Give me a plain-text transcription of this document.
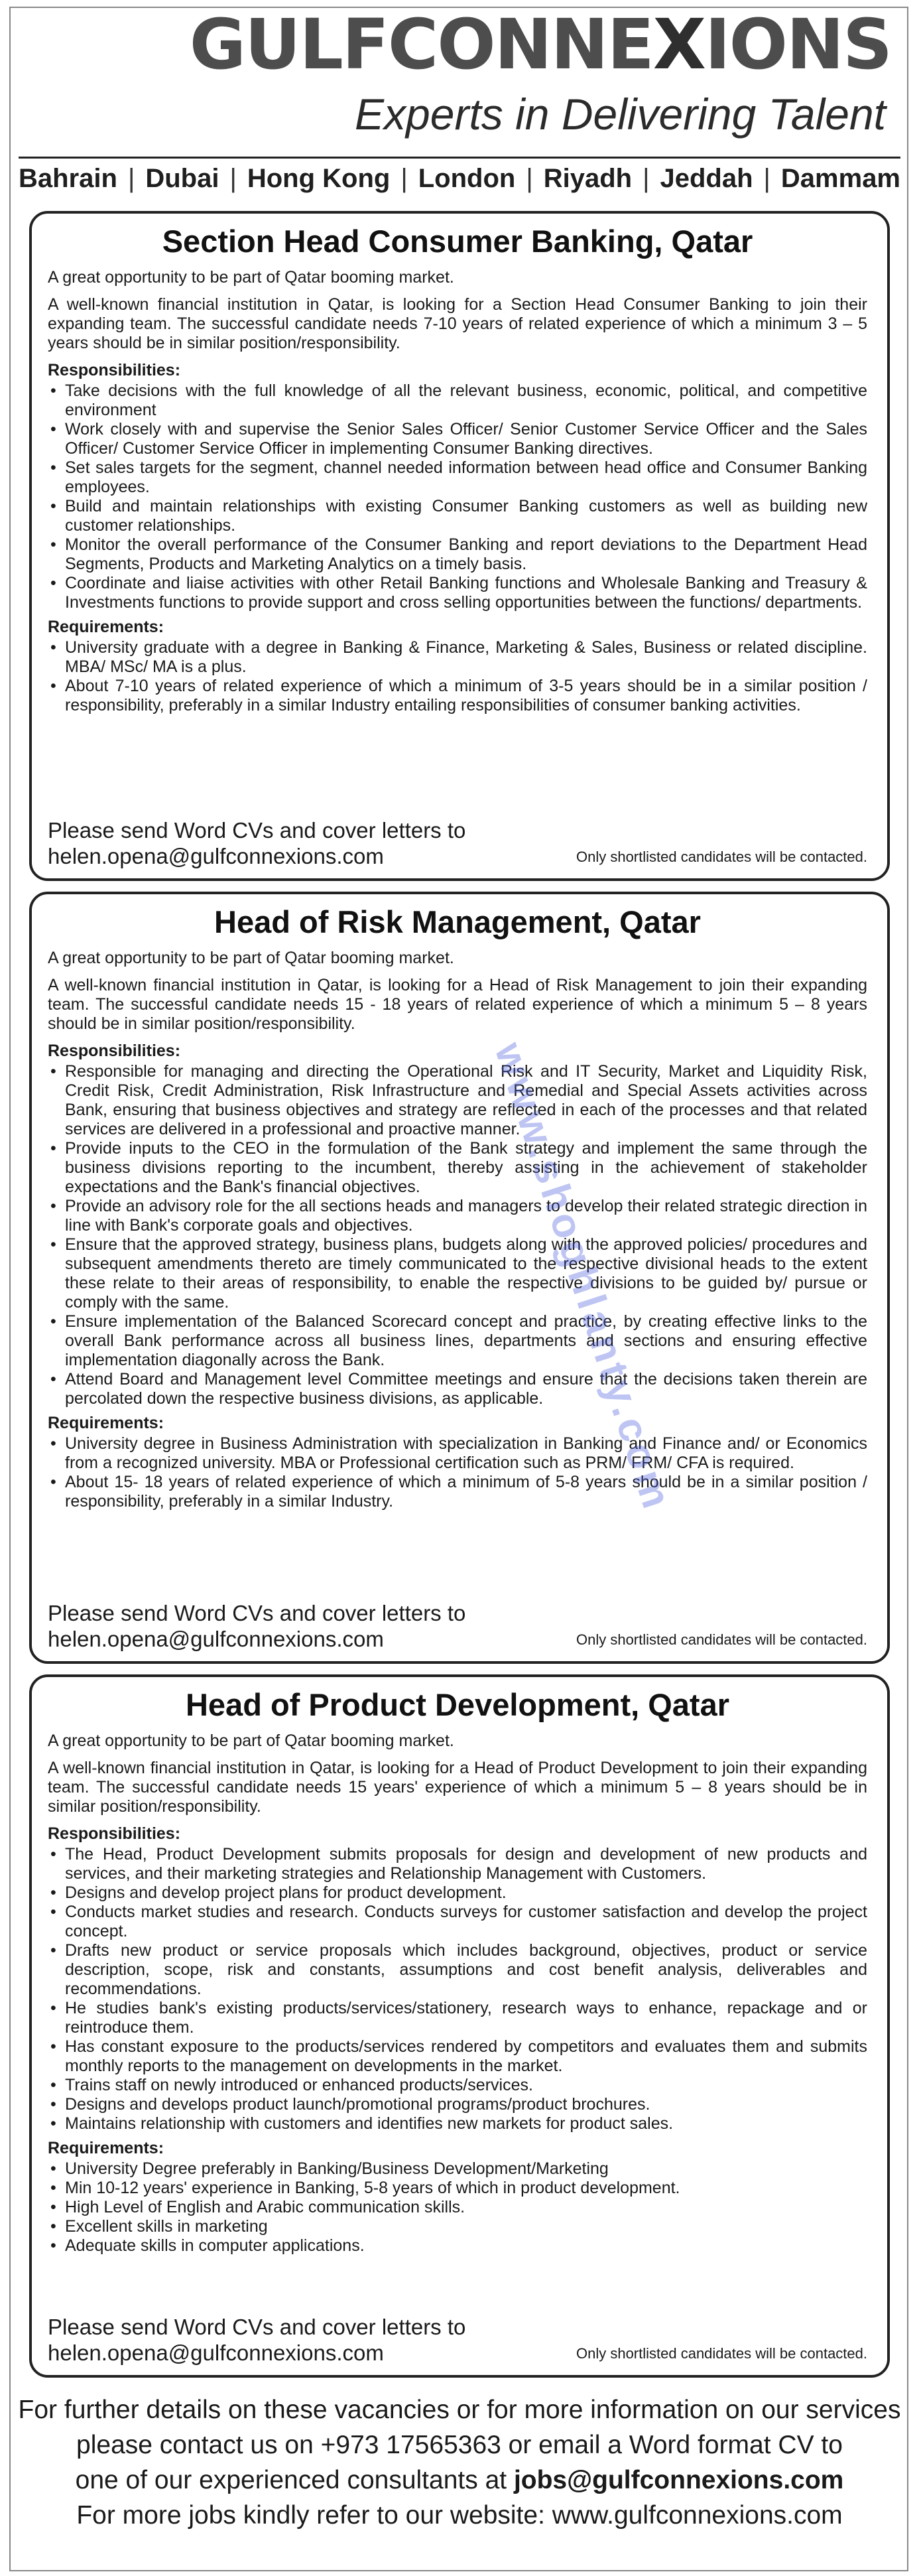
GULFCONNEXIONS
Experts in Delivering Talent
Bahrain | Dubai | Hong Kong | London | Riyadh | Jeddah | Dammam
Section Head Consumer Banking, Qatar

A great opportunity to be part of Qatar booming market.

A well-known financial institution in Qatar, is looking for a Section Head Consumer Banking to join their expanding team. The successful candidate needs 7-10 years of related experience of which a minimum 3 – 5 years should be in similar position/responsibility.

Responsibilities:
• Take decisions with the full knowledge of all the relevant business, economic, political, and competitive environment
• Work closely with and supervise the Senior Sales Officer/ Senior Customer Service Officer and the Sales Officer/ Customer Service Officer in implementing Consumer Banking directives.
• Set sales targets for the segment, channel needed information between head office and Consumer Banking employees.
• Build and maintain relationships with existing Consumer Banking customers as well as building new customer relationships.
• Monitor the overall performance of the Consumer Banking and report deviations to the Department Head Segments, Products and Marketing Analytics on a timely basis.
• Coordinate and liaise activities with other Retail Banking functions and Wholesale Banking and Treasury & Investments functions to provide support and cross selling opportunities between the functions/ departments.
Requirements:
• University graduate with a degree in Banking & Finance, Marketing & Sales, Business or related discipline. MBA/ MSc/ MA is a plus.
• About 7-10 years of related experience of which a minimum of 3-5 years should be in a similar position / responsibility, preferably in a similar Industry entailing responsibilities of consumer banking activities.
Please send Word CVs and cover letters to
helen.opena@gulfconnexions.com	Only shortlisted candidates will be contacted.
Head of Risk Management, Qatar

A great opportunity to be part of Qatar booming market.

A well-known financial institution in Qatar, is looking for a Head of Risk Management to join their expanding team. The successful candidate needs 15 - 18 years of related experience of which a minimum 5 – 8 years should be in similar position/responsibility.

Responsibilities:
• Responsible for managing and directing the Operational Risk and IT Security, Market and Liquidity Risk, Credit Risk, Credit Administration, Risk Infrastructure and Remedial and Special Assets activities across Bank, ensuring that business objectives and strategy are reflected in each of the processes and that related services are delivered in a professional and proactive manner.
• Provide inputs to the CEO in the formulation of the Bank strategy and implement the same through the business divisions reporting to the incumbent, thereby assisting in the achievement of stakeholder expectations and the Bank's financial objectives.
• Provide an advisory role for the all sections heads and managers to develop their related strategic direction in line with Bank's corporate goals and objectives.
• Ensure that the approved strategy, business plans, budgets along with the approved policies/ procedures and subsequent amendments thereto are timely communicated to the respective divisional heads to the extent these relate to their areas of responsibility, to enable the respective divisions to be guided by/ pursue or comply with the same.
• Ensure implementation of the Balanced Scorecard concept and practice, by creating effective links to the overall Bank performance across all business lines, departments and sections and ensuring effective implementation diagonally across the Bank.
• Attend Board and Management level Committee meetings and ensure that the decisions taken therein are percolated down the respective business divisions, as applicable.
Requirements:
• University degree in Business Administration with specialization in Banking and Finance and/ or Economics from a recognized university. MBA or Professional certification such as PRM/ FRM/ CFA is required.
• About 15- 18 years of related experience of which a minimum of 5-8 years should be in a similar position / responsibility, preferably in a similar Industry.
Please send Word CVs and cover letters to
helen.opena@gulfconnexions.com	Only shortlisted candidates will be contacted.
Head of Product Development, Qatar

A great opportunity to be part of Qatar booming market.

A well-known financial institution in Qatar, is looking for a Head of Product Development to join their expanding team. The successful candidate needs 15 years' experience of which a minimum 5 – 8 years should be in similar position/responsibility.

Responsibilities:
• The Head, Product Development submits proposals for design and development of new products and services, and their marketing strategies and Relationship Management with Customers.
• Designs and develop project plans for product development.
• Conducts market studies and research. Conducts surveys for customer satisfaction and develop the project concept.
• Drafts new product or service proposals which includes background, objectives, product or service description, scope, risk and constants, assumptions and cost benefit analysis, deliverables and recommendations.
• He studies bank's existing products/services/stationery, research ways to enhance, repackage and or reintroduce them.
• Has constant exposure to the products/services rendered by competitors and evaluates them and submits monthly reports to the management on developments in the market.
• Trains staff on newly introduced or enhanced products/services.
• Designs and develops product launch/promotional programs/product brochures.
• Maintains relationship with customers and identifies new markets for product sales.
Requirements:
• University Degree preferably in Banking/Business Development/Marketing
• Min 10-12 years' experience in Banking, 5-8 years of which in product development.
• High Level of English and Arabic communication skills.
• Excellent skills in marketing
• Adequate skills in computer applications.
Please send Word CVs and cover letters to
helen.opena@gulfconnexions.com	Only shortlisted candidates will be contacted.
For further details on these vacancies or for more information on our services
please contact us on +973 17565363 or email a Word format CV to
one of our experienced consultants at jobs@gulfconnexions.com
For more jobs kindly refer to our website: www.gulfconnexions.com
www.shoghlanty.com
